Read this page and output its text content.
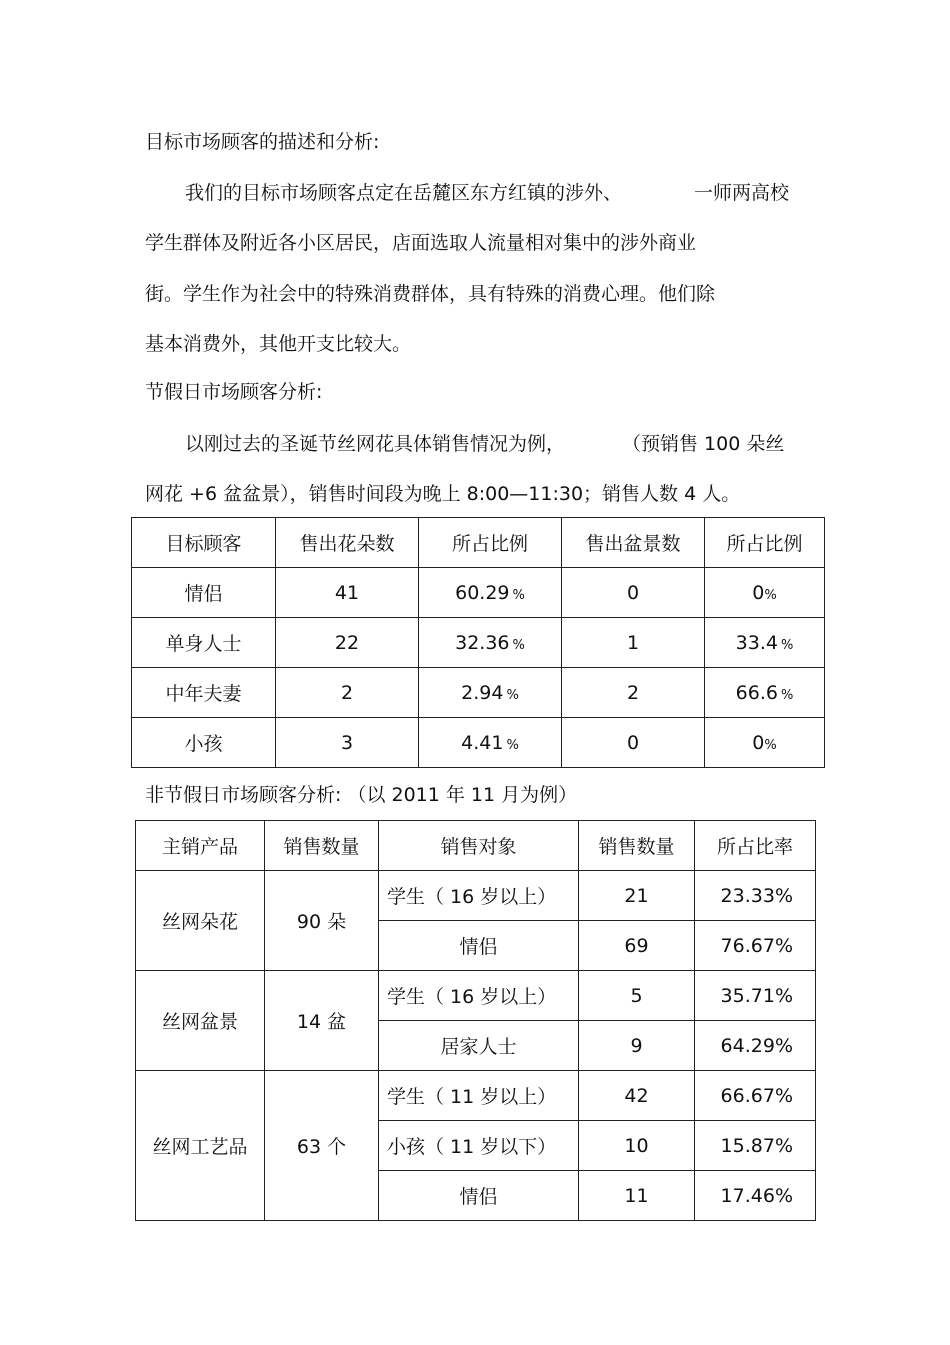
目标市场顾客的描述和分析:
我们的目标市场顾客点定在岳麓区东方红镇的涉外、	一师两高校
学生群体及附近各小区居民，店面选取人流量相对集中的涉外商业
街。学生作为社会中的特殊消费群体，具有特殊的消费心理。他们除
基本消费外，其他开支比较大。
节假日市场顾客分析:
以刚过去的圣诞节丝网花具体销售情况为例，	（预销售 100 朵丝
网花 +6 盆盆景），销售时间段为晚上 8:00—11:30；销售人数 4 人。
目标顾客	售出花朵数	所占比例	售出盆景数	所占比例
情侣	41	60.29 %	0	0%
单身人士	22	32.36 %	1	33.4 %
中年夫妻	2	2.94 %	2	66.6 %
小孩	3	4.41 %	0	0%
非节假日市场顾客分析: （以 2011 年 11 月为例）
主销产品	销售数量	销售对象	销售数量	所占比率
丝网朵花	90 朵	学生（ 16 岁以上）	21	23.33%
		情侣	69	76.67%
丝网盆景	14 盆	学生（ 16 岁以上）	5	35.71%
		居家人士	9	64.29%
丝网工艺品	63 个	学生（ 11 岁以上）	42	66.67%
		小孩（ 11 岁以下）	10	15.87%
		情侣	11	17.46%
